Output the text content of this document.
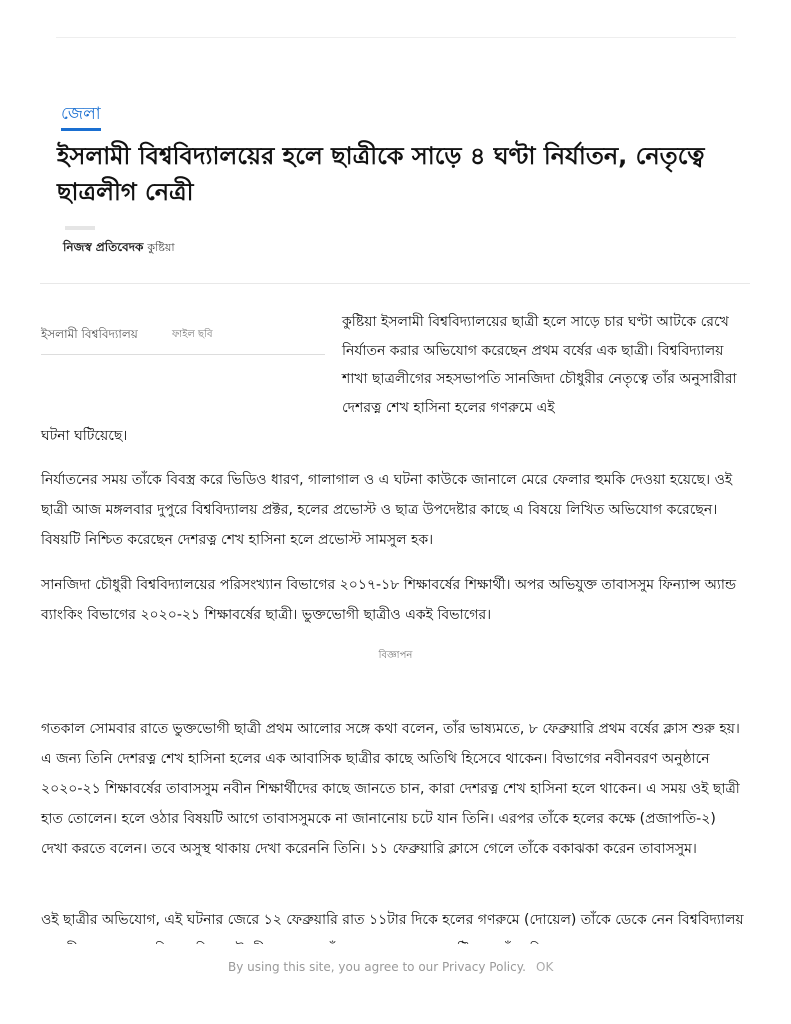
জেলা
ইসলামী বিশ্ববিদ্যালয়ের হলে ছাত্রীকে সাড়ে ৪ ঘণ্টা নির্যাতন, নেতৃত্বে ছাত্রলীগ নেত্রী
নিজস্ব প্রতিবেদক কুষ্টিয়া
ইসলামী বিশ্ববিদ্যালয়	ফাইল ছবি

কুষ্টিয়া ইসলামী বিশ্ববিদ্যালয়ের ছাত্রী হলে সাড়ে চার ঘণ্টা আটকে রেখে নির্যাতন করার অভিযোগ করেছেন প্রথম বর্ষের এক ছাত্রী। বিশ্ববিদ্যালয় শাখা ছাত্রলীগের সহসভাপতি সানজিদা চৌধুরীর নেতৃত্বে তাঁর অনুসারীরা দেশরত্ন শেখ হাসিনা হলের গণরুমে এই

ঘটনা ঘটিয়েছে।

নির্যাতনের সময় তাঁকে বিবস্ত্র করে ভিডিও ধারণ, গালাগাল ও এ ঘটনা কাউকে জানালে মেরে ফেলার হুমকি দেওয়া হয়েছে। ওই ছাত্রী আজ মঙ্গলবার দুপুরে বিশ্ববিদ্যালয় প্রক্টর, হলের প্রভোস্ট ও ছাত্র উপদেষ্টার কাছে এ বিষয়ে লিখিত অভিযোগ করেছেন। বিষয়টি নিশ্চিত করেছেন দেশরত্ন শেখ হাসিনা হলে প্রভোস্ট সামসুল হক।

সানজিদা চৌধুরী বিশ্ববিদ্যালয়ের পরিসংখ্যান বিভাগের ২০১৭-১৮ শিক্ষাবর্ষের শিক্ষার্থী। অপর অভিযুক্ত তাবাসসুম ফিন্যান্স অ্যান্ড ব্যাংকিং বিভাগের ২০২০-২১ শিক্ষাবর্ষের ছাত্রী। ভুক্তভোগী ছাত্রীও একই বিভাগের।

বিজ্ঞাপন

গতকাল সোমবার রাতে ভুক্তভোগী ছাত্রী প্রথম আলোর সঙ্গে কথা বলেন, তাঁর ভাষ্যমতে, ৮ ফেব্রুয়ারি প্রথম বর্ষের ক্লাস শুরু হয়। এ জন্য তিনি দেশরত্ন শেখ হাসিনা হলের এক আবাসিক ছাত্রীর কাছে অতিথি হিসেবে থাকেন। বিভাগের নবীনবরণ অনুষ্ঠানে ২০২০-২১ শিক্ষাবর্ষের তাবাসসুম নবীন শিক্ষার্থীদের কাছে জানতে চান, কারা দেশরত্ন শেখ হাসিনা হলে থাকেন। এ সময় ওই ছাত্রী হাত তোলেন। হলে ওঠার বিষয়টি আগে তাবাসসুমকে না জানানোয় চটে যান তিনি। এরপর তাঁকে হলের কক্ষে (প্রজাপতি-২) দেখা করতে বলেন। তবে অসুস্থ থাকায় দেখা করেননি তিনি। ১১ ফেব্রুয়ারি ক্লাসে গেলে তাঁকে বকাঝকা করেন তাবাসসুম।

ওই ছাত্রীর অভিযোগ, এই ঘটনার জেরে ১২ ফেব্রুয়ারি রাত ১১টার দিকে হলের গণরুমে (দোয়েল) তাঁকে ডেকে নেন বিশ্ববিদ্যালয়

By using this site, you agree to our Privacy Policy. OK
